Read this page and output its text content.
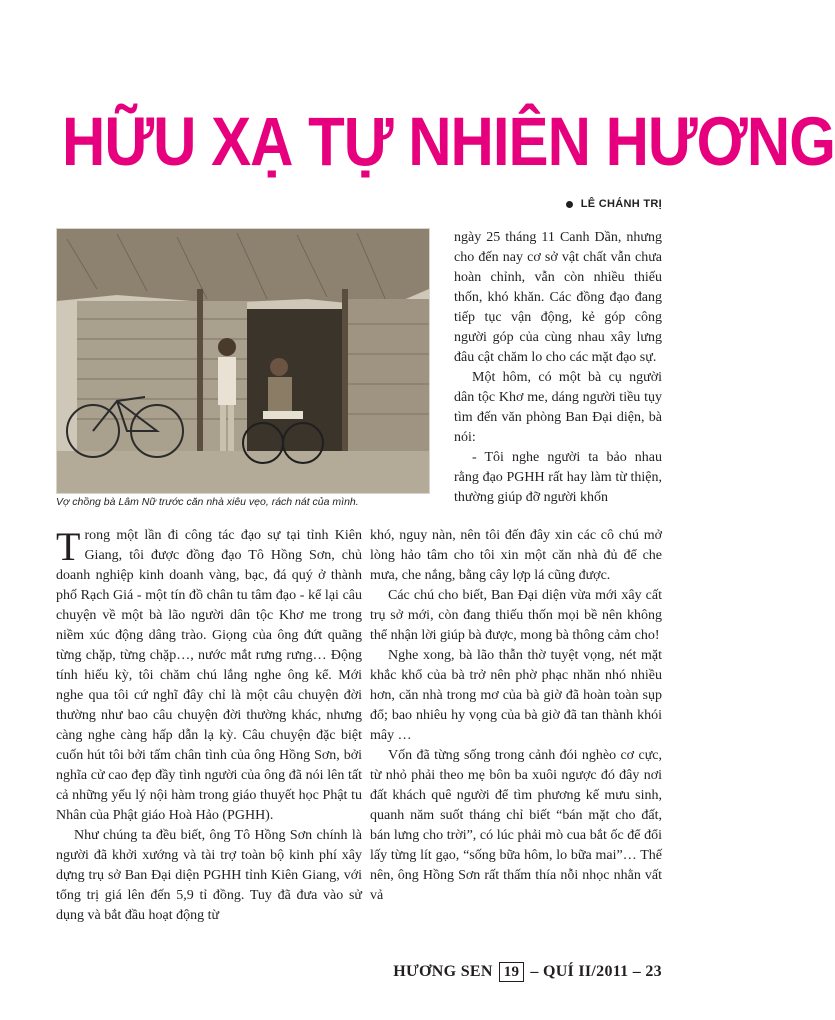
HỮU XẠ TỰ NHIÊN HƯƠNG
LÊ CHÁNH TRỊ
Vợ chồng bà Lâm Nữ trước căn nhà xiêu vẹo, rách nát của mình.

ngày 25 tháng 11 Canh Dần, nhưng cho đến nay cơ sở vật chất vẫn chưa hoàn chỉnh, vẫn còn nhiều thiếu thốn, khó khăn. Các đồng đạo đang tiếp tục vận động, kẻ góp công người góp của cùng nhau xây lưng đâu cật chăm lo cho các mặt đạo sự.

Một hôm, có một bà cụ người dân tộc Khơ me, dáng người tiều tụy tìm đến văn phòng Ban Đại diện, bà nói:

- Tôi nghe người ta bảo nhau rằng đạo PGHH rất hay làm từ thiện, thường giúp đỡ người khốn

Trong một lần đi công tác đạo sự tại tỉnh Kiên Giang, tôi được đồng đạo Tô Hồng Sơn, chủ doanh nghiệp kinh doanh vàng, bạc, đá quý ở thành phố Rạch Giá - một tín đồ chân tu tâm đạo - kể lại câu chuyện về một bà lão người dân tộc Khơ me trong niềm xúc động dâng trào. Giọng của ông đứt quãng từng chặp, từng chặp…, nước mắt rưng rưng… Động tính hiếu kỳ, tôi chăm chú lắng nghe ông kể. Mới nghe qua tôi cứ nghĩ đây chỉ là một câu chuyện đời thường như bao câu chuyện đời thường khác, nhưng càng nghe càng hấp dẫn lạ kỳ. Câu chuyện đặc biệt cuốn hút tôi bởi tấm chân tình của ông Hồng Sơn, bởi nghĩa cử cao đẹp đầy tình người của ông đã nói lên tất cả những yếu lý nội hàm trong giáo thuyết học Phật tu Nhân của Phật giáo Hoà Hảo (PGHH).

Như chúng ta đều biết, ông Tô Hồng Sơn chính là người đã khởi xướng và tài trợ toàn bộ kinh phí xây dựng trụ sở Ban Đại diện PGHH tỉnh Kiên Giang, với tổng trị giá lên đến 5,9 tỉ đồng. Tuy đã đưa vào sử dụng và bắt đầu hoạt động từ

khó, nguy nàn, nên tôi đến đây xin các cô chú mở lòng hảo tâm cho tôi xin một căn nhà đủ để che mưa, che nắng, bằng cây lợp lá cũng được.

Các chú cho biết, Ban Đại diện vừa mới xây cất trụ sở mới, còn đang thiếu thốn mọi bề nên không thể nhận lời giúp bà được, mong bà thông cảm cho!

Nghe xong, bà lão thẫn thờ tuyệt vọng, nét mặt khắc khổ của bà trở nên phờ phạc nhăn nhó nhiều hơn, căn nhà trong mơ của bà giờ đã hoàn toàn sụp đổ; bao nhiêu hy vọng của bà giờ đã tan thành khói mây …

Vốn đã từng sống trong cảnh đói nghèo cơ cực, từ nhỏ phải theo mẹ bôn ba xuôi ngược đó đây nơi đất khách quê người để tìm phương kế mưu sinh, quanh năm suốt tháng chỉ biết “bán mặt cho đất, bán lưng cho trời”, có lúc phải mò cua bắt ốc để đổi lấy từng lít gạo, “sống bữa hôm, lo bữa mai”… Thế nên, ông Hồng Sơn rất thấm thía nỗi nhọc nhằn vất vả

HƯƠNG SEN 19 – QUÍ II/2011 – 23
